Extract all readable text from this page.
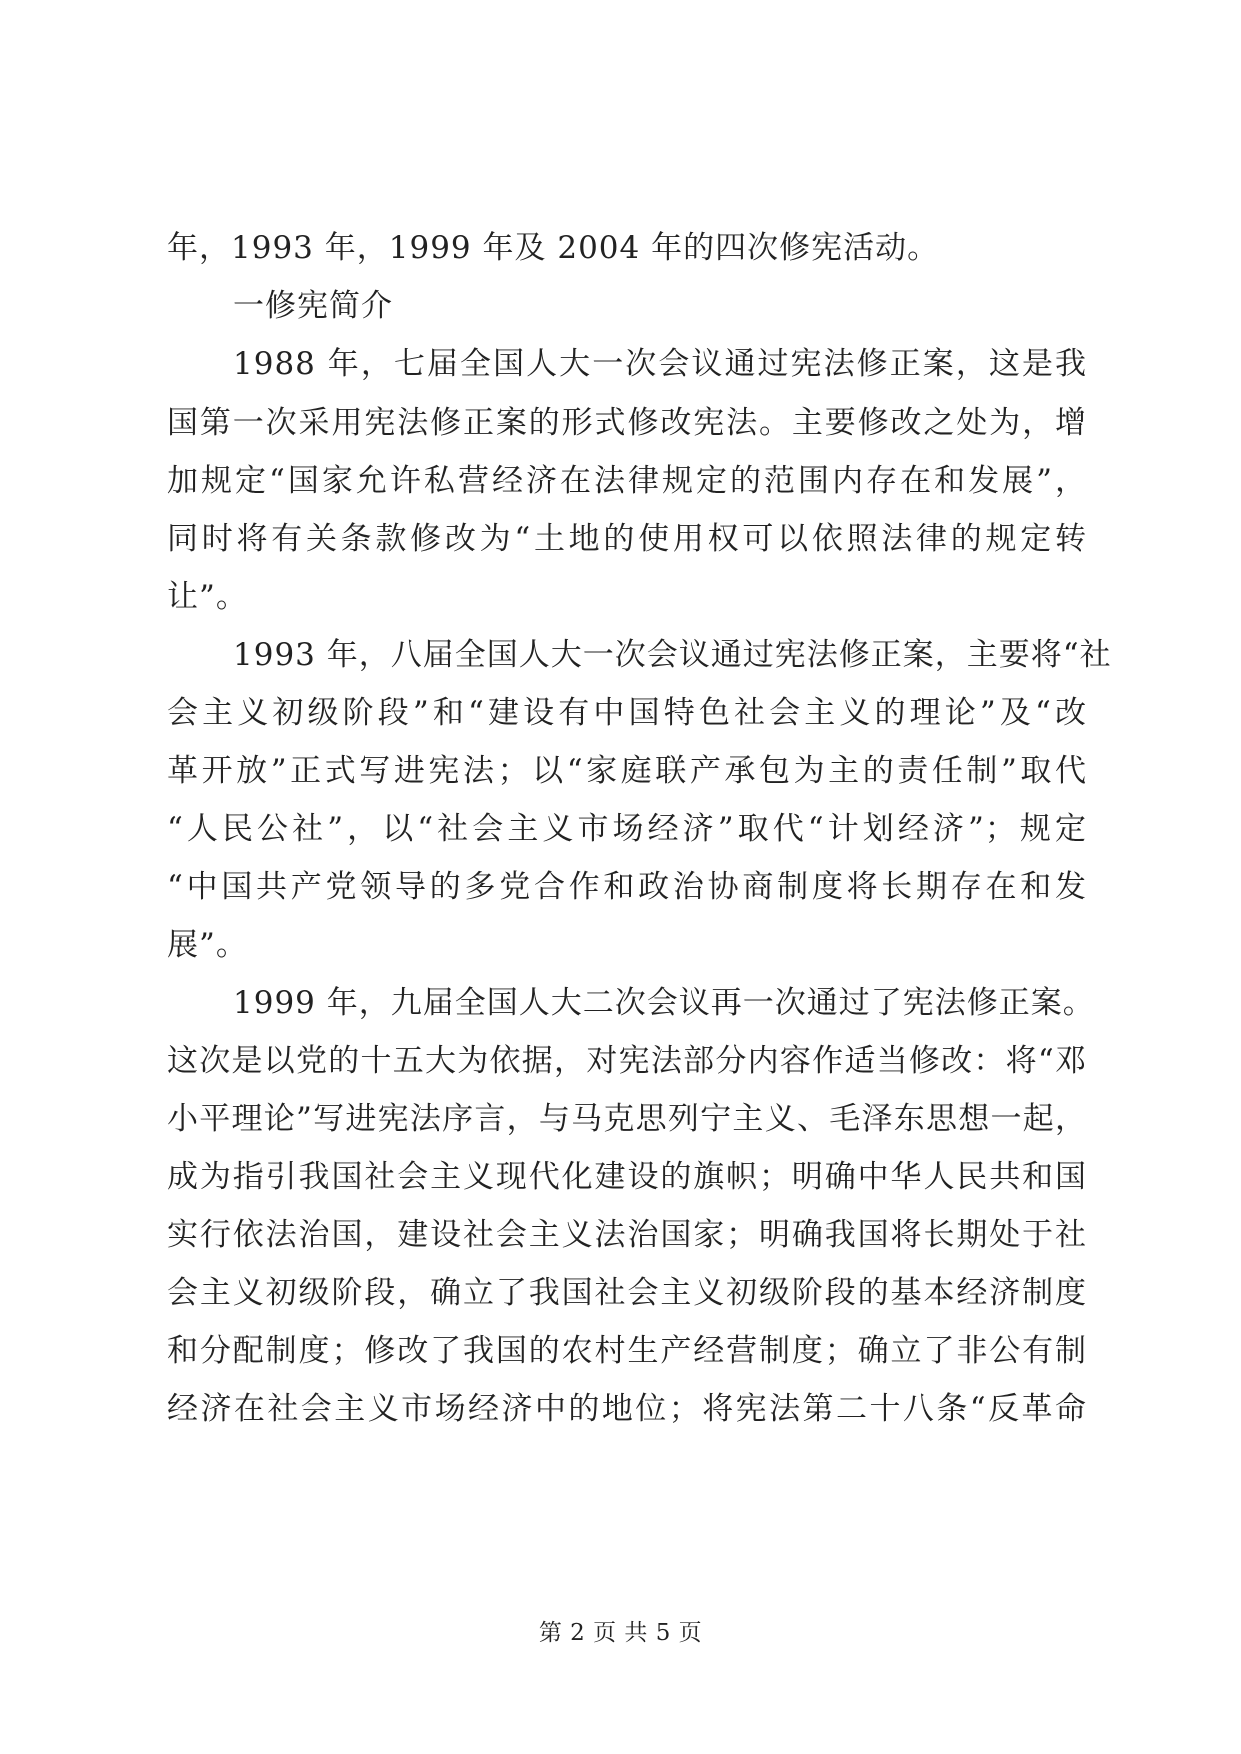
年，1993 年，1999 年及 2004 年的四次修宪活动。
一修宪简介
1988 年，七届全国人大一次会议通过宪法修正案，这是我
国第一次采用宪法修正案的形式修改宪法。主要修改之处为，增
加规定“国家允许私营经济在法律规定的范围内存在和发展”，
同时将有关条款修改为“土地的使用权可以依照法律的规定转
让”。
1993 年，八届全国人大一次会议通过宪法修正案，主要将“社
会主义初级阶段”和“建设有中国特色社会主义的理论”及“改
革开放”正式写进宪法；以“家庭联产承包为主的责任制”取代
“人民公社”，以“社会主义市场经济”取代“计划经济”；规定
“中国共产党领导的多党合作和政治协商制度将长期存在和发
展”。
1999 年，九届全国人大二次会议再一次通过了宪法修正案。
这次是以党的十五大为依据，对宪法部分内容作适当修改：将“邓
小平理论”写进宪法序言，与马克思列宁主义、毛泽东思想一起，
成为指引我国社会主义现代化建设的旗帜；明确中华人民共和国
实行依法治国，建设社会主义法治国家；明确我国将长期处于社
会主义初级阶段，确立了我国社会主义初级阶段的基本经济制度
和分配制度；修改了我国的农村生产经营制度；确立了非公有制
经济在社会主义市场经济中的地位；将宪法第二十八条“反革命
第 2 页 共 5 页
